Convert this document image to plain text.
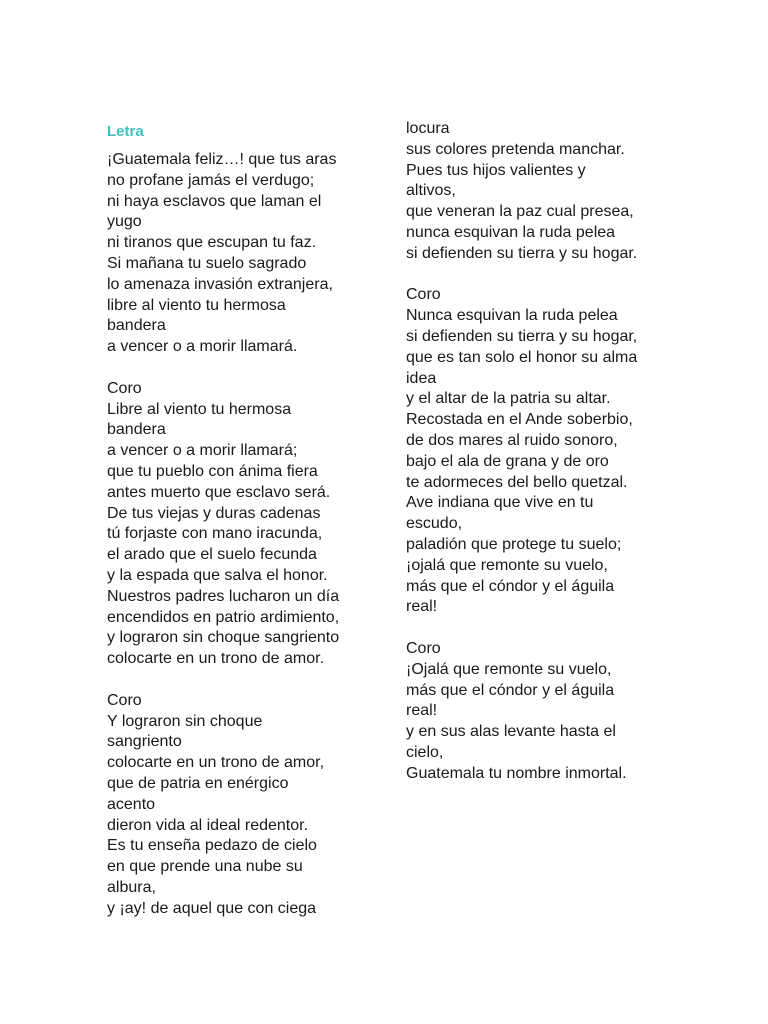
Letra
¡Guatemala feliz…! que tus aras
no profane jamás el verdugo;
ni haya esclavos que laman el
yugo
ni tiranos que escupan tu faz.
Si mañana tu suelo sagrado
lo amenaza invasión extranjera,
libre al viento tu hermosa
bandera
a vencer o a morir llamará.
Coro
Libre al viento tu hermosa
bandera
a vencer o a morir llamará;
que tu pueblo con ánima fiera
antes muerto que esclavo será.
De tus viejas y duras cadenas
tú forjaste con mano iracunda,
el arado que el suelo fecunda
y la espada que salva el honor.
Nuestros padres lucharon un día
encendidos en patrio ardimiento,
y lograron sin choque sangriento
colocarte en un trono de amor.
Coro
Y lograron sin choque
sangriento
colocarte en un trono de amor,
que de patria en enérgico
acento
dieron vida al ideal redentor.
Es tu enseña pedazo de cielo
en que prende una nube su
albura,
y ¡ay! de aquel que con ciega
locura
sus colores pretenda manchar.
Pues tus hijos valientes y
altivos,
que veneran la paz cual presea,
nunca esquivan la ruda pelea
si defienden su tierra y su hogar.
Coro
Nunca esquivan la ruda pelea
si defienden su tierra y su hogar,
que es tan solo el honor su alma
idea
y el altar de la patria su altar.
Recostada en el Ande soberbio,
de dos mares al ruido sonoro,
bajo el ala de grana y de oro
te adormeces del bello quetzal.
Ave indiana que vive en tu
escudo,
paladión que protege tu suelo;
¡ojalá que remonte su vuelo,
más que el cóndor y el águila
real!
Coro
¡Ojalá que remonte su vuelo,
más que el cóndor y el águila
real!
y en sus alas levante hasta el
cielo,
Guatemala tu nombre inmortal.
